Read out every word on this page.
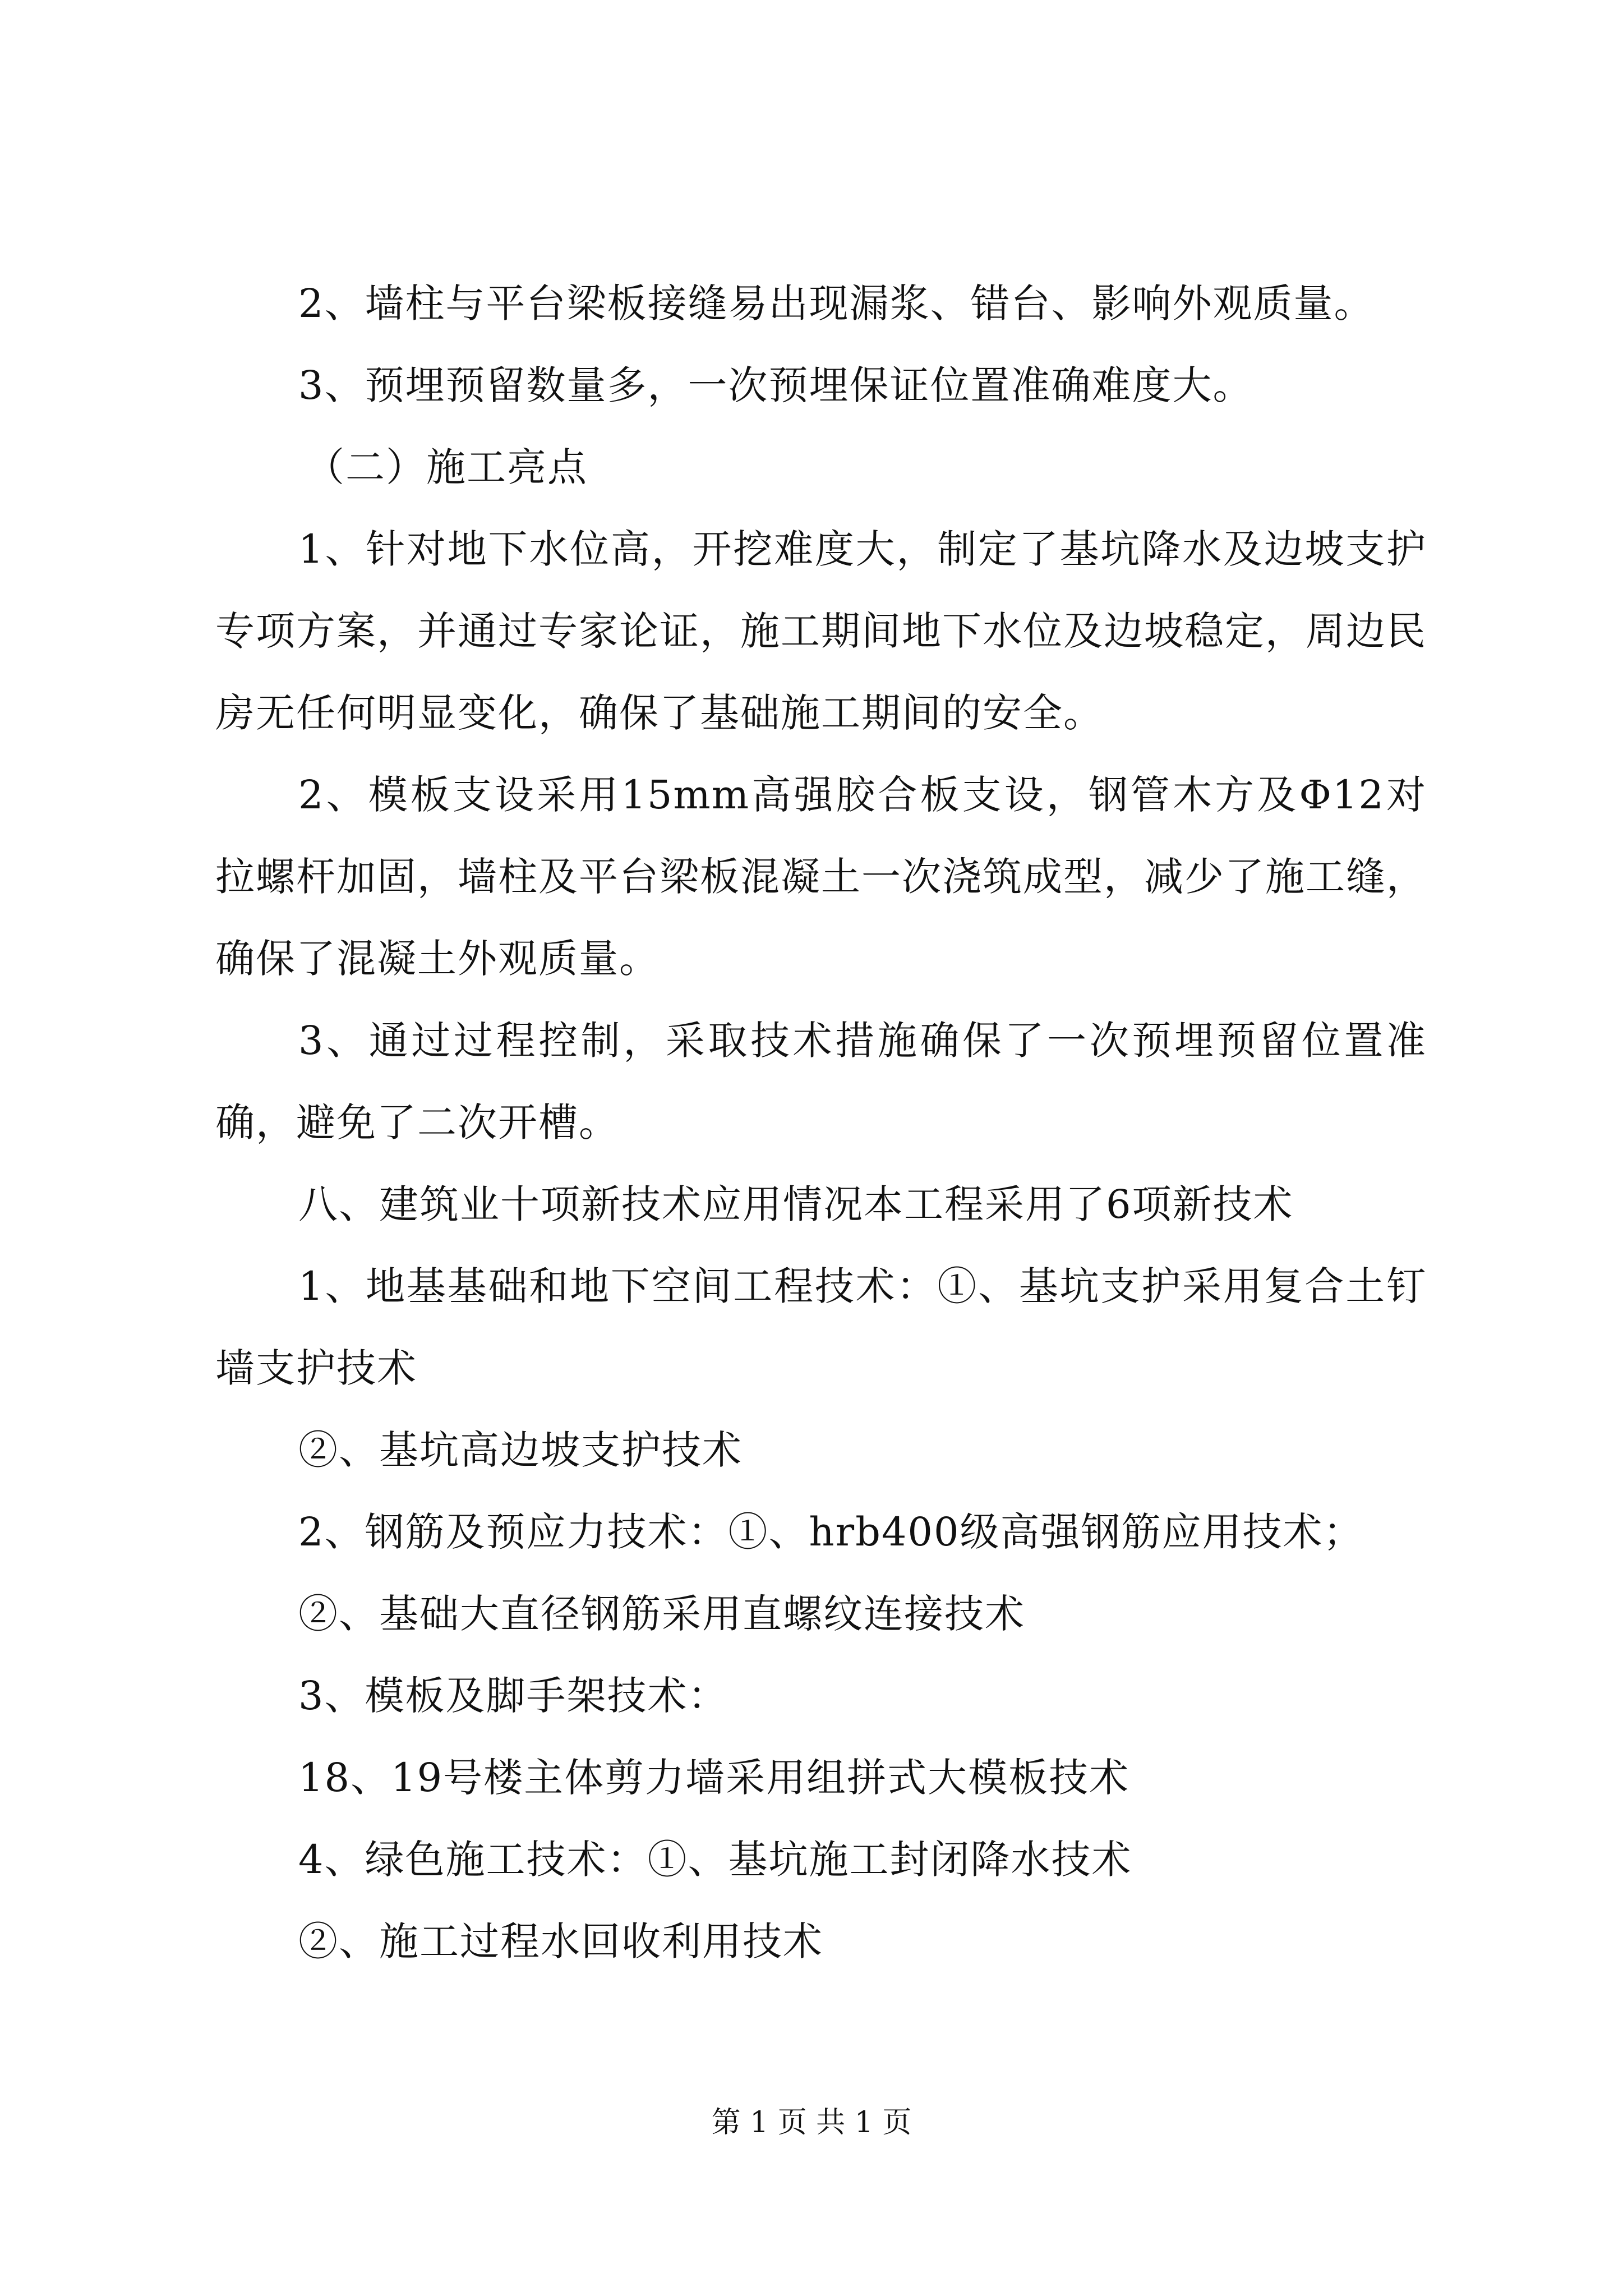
2、墙柱与平台梁板接缝易出现漏浆、错台、影响外观质量。

3、预埋预留数量多，一次预埋保证位置准确难度大。

（二）施工亮点

1、针对地下水位高，开挖难度大，制定了基坑降水及边坡支护专项方案，并通过专家论证，施工期间地下水位及边坡稳定，周边民房无任何明显变化，确保了基础施工期间的安全。

2、模板支设采用15mm高强胶合板支设，钢管木方及Φ12对拉螺杆加固，墙柱及平台梁板混凝土一次浇筑成型，减少了施工缝，确保了混凝土外观质量。

3、通过过程控制，采取技术措施确保了一次预埋预留位置准确，避免了二次开槽。

八、建筑业十项新技术应用情况本工程采用了6项新技术

1、地基基础和地下空间工程技术：①、基坑支护采用复合土钉墙支护技术

②、基坑高边坡支护技术

2、钢筋及预应力技术：①、hrb400级高强钢筋应用技术；

②、基础大直径钢筋采用直螺纹连接技术

3、模板及脚手架技术：

18、19号楼主体剪力墙采用组拼式大模板技术

4、绿色施工技术：①、基坑施工封闭降水技术

②、施工过程水回收利用技术

第 1 页 共 1 页
